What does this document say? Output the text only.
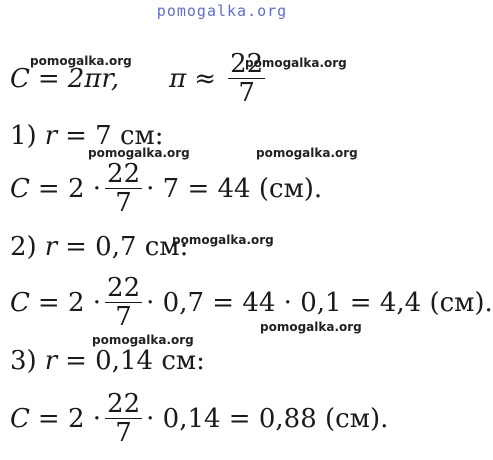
pomogalka.org
C = 2πr, $\pi \approx \frac{22}{7}$
1) r = 7 см:
$C = 2 \cdot \frac{22}{7} \cdot 7 = 44$ (см).
2) r = 0,7 см:
$C = 2 \cdot \frac{22}{7} \cdot 0,7 = 44 \cdot 0,1 = 4,4$ (см).
3) r = 0,14 см:
$C = 2 \cdot \frac{22}{7} \cdot 0,14 = 0,88$ (см).
pomogalka.org	pomogalka.org
pomogalka.org	pomogalka.org
pomogalka.org
pomogalka.org
pomogalka.org
